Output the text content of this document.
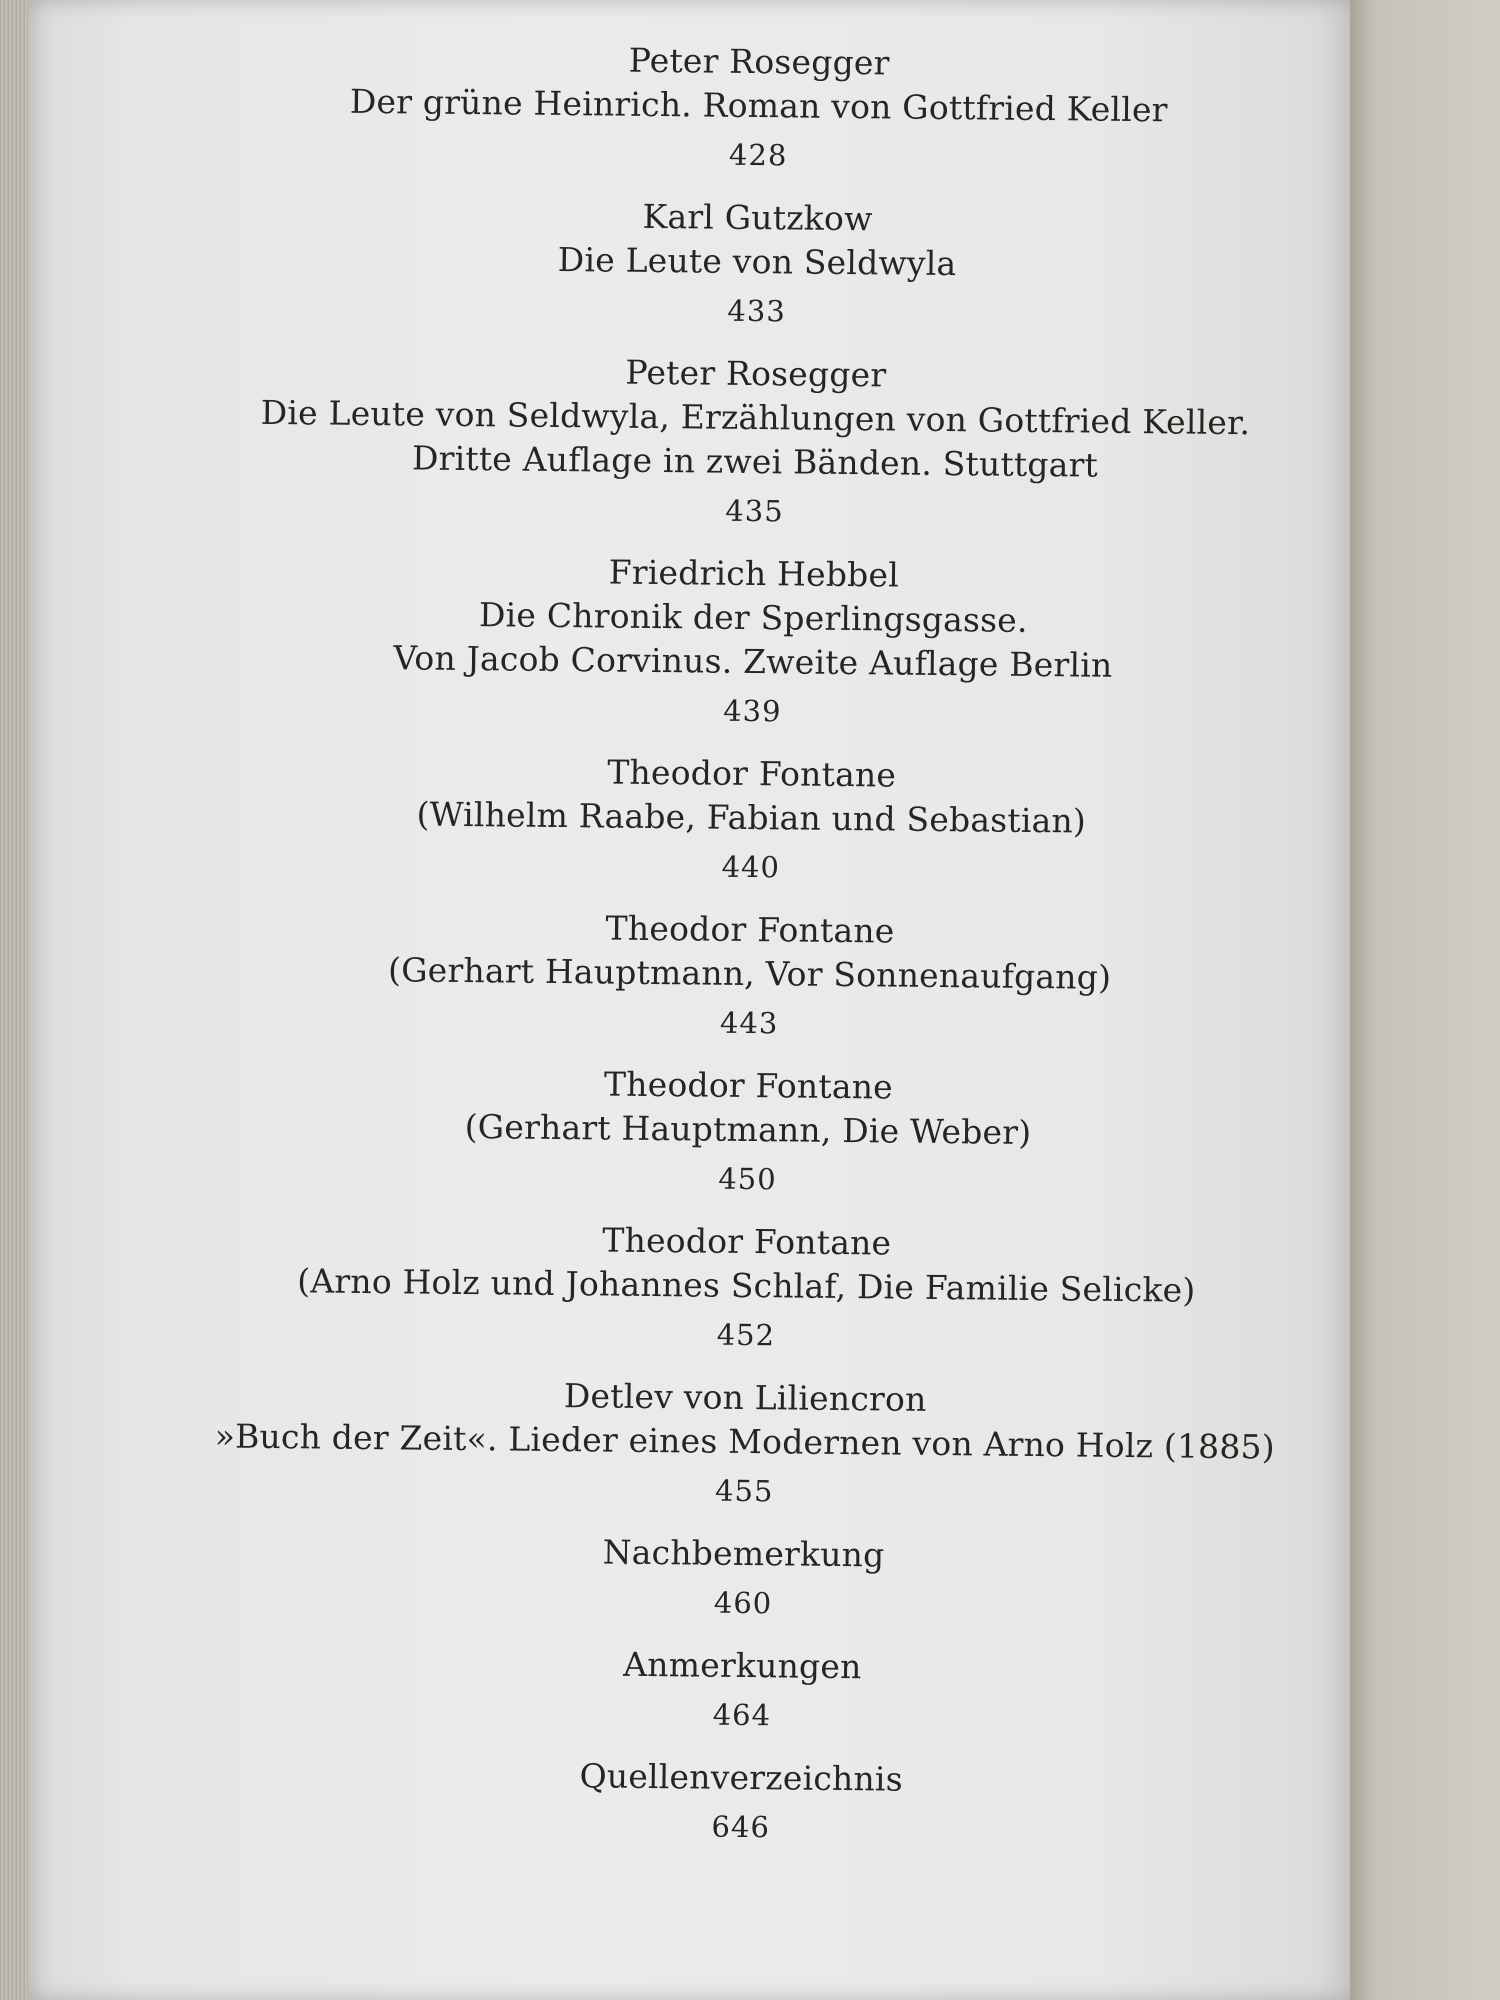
Peter Rosegger
Der grüne Heinrich. Roman von Gottfried Keller
428
Karl Gutzkow
Die Leute von Seldwyla
433
Peter Rosegger
Die Leute von Seldwyla, Erzählungen von Gottfried Keller.
Dritte Auflage in zwei Bänden. Stuttgart
435
Friedrich Hebbel
Die Chronik der Sperlingsgasse.
Von Jacob Corvinus. Zweite Auflage Berlin
439
Theodor Fontane
(Wilhelm Raabe, Fabian und Sebastian)
440
Theodor Fontane
(Gerhart Hauptmann, Vor Sonnenaufgang)
443
Theodor Fontane
(Gerhart Hauptmann, Die Weber)
450
Theodor Fontane
(Arno Holz und Johannes Schlaf, Die Familie Selicke)
452
Detlev von Liliencron
»Buch der Zeit«. Lieder eines Modernen von Arno Holz (1885)
455
Nachbemerkung
460
Anmerkungen
464
Quellenverzeichnis
646
